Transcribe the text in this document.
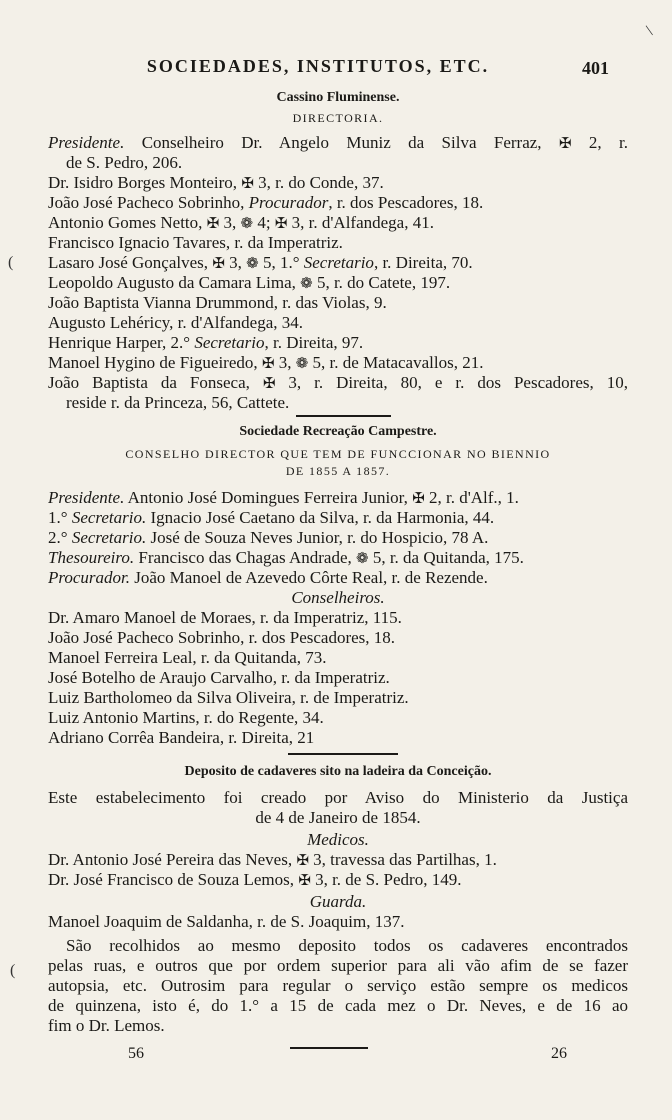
SOCIEDADES, INSTITUTOS, ETC.	401
Cassino Fluminense.
DIRECTORIA.
Presidente. Conselheiro Dr. Angelo Muniz da Silva Ferraz, ✠ 2, r.
de S. Pedro, 206.
Dr. Isidro Borges Monteiro, ✠ 3, r. do Conde, 37.
João José Pacheco Sobrinho, Procurador, r. dos Pescadores, 18.
Antonio Gomes Netto, ✠ 3, ❁ 4; ✠ 3, r. d'Alfandega, 41.
Francisco Ignacio Tavares, r. da Imperatriz.
Lasaro José Gonçalves, ✠ 3, ❁ 5, 1.° Secretario, r. Direita, 70.
Leopoldo Augusto da Camara Lima, ❁ 5, r. do Catete, 197.
João Baptista Vianna Drummond, r. das Violas, 9.
Augusto Lehéricy, r. d'Alfandega, 34.
Henrique Harper, 2.° Secretario, r. Direita, 97.
Manoel Hygino de Figueiredo, ✠ 3, ❁ 5, r. de Matacavallos, 21.
João Baptista da Fonseca, ✠ 3, r. Direita, 80, e r. dos Pescadores, 10,
reside r. da Princeza, 56, Cattete.
Sociedade Recreação Campestre.
CONSELHO DIRECTOR QUE TEM DE FUNCCIONAR NO BIENNIO
DE 1855 A 1857.
Presidente. Antonio José Domingues Ferreira Junior, ✠ 2, r. d'Alf., 1.
1.° Secretario. Ignacio José Caetano da Silva, r. da Harmonia, 44.
2.° Secretario. José de Souza Neves Junior, r. do Hospicio, 78 A.
Thesoureiro. Francisco das Chagas Andrade, ❁ 5, r. da Quitanda, 175.
Procurador. João Manoel de Azevedo Côrte Real, r. de Rezende.
Conselheiros.
Dr. Amaro Manoel de Moraes, r. da Imperatriz, 115.
João José Pacheco Sobrinho, r. dos Pescadores, 18.
Manoel Ferreira Leal, r. da Quitanda, 73.
José Botelho de Araujo Carvalho, r. da Imperatriz.
Luiz Bartholomeo da Silva Oliveira, r. de Imperatriz.
Luiz Antonio Martins, r. do Regente, 34.
Adriano Corrêa Bandeira, r. Direita, 21
Deposito de cadaveres sito na ladeira da Conceição.
Este estabelecimento foi creado por Aviso do Ministerio da Justiça
de 4 de Janeiro de 1854.
Medicos.
Dr. Antonio José Pereira das Neves, ✠ 3, travessa das Partilhas, 1.
Dr. José Francisco de Souza Lemos, ✠ 3, r. de S. Pedro, 149.
Guarda.
Manoel Joaquim de Saldanha, r. de S. Joaquim, 137.
São recolhidos ao mesmo deposito todos os cadaveres encontrados
pelas ruas, e outros que por ordem superior para ali vão afim de se fazer
autopsia, etc. Outrosim para regular o serviço estão sempre os medicos
de quinzena, isto é, do 1.° a 15 de cada mez o Dr. Neves, e de 16 ao
fim o Dr. Lemos.
56	26
/
(
(
